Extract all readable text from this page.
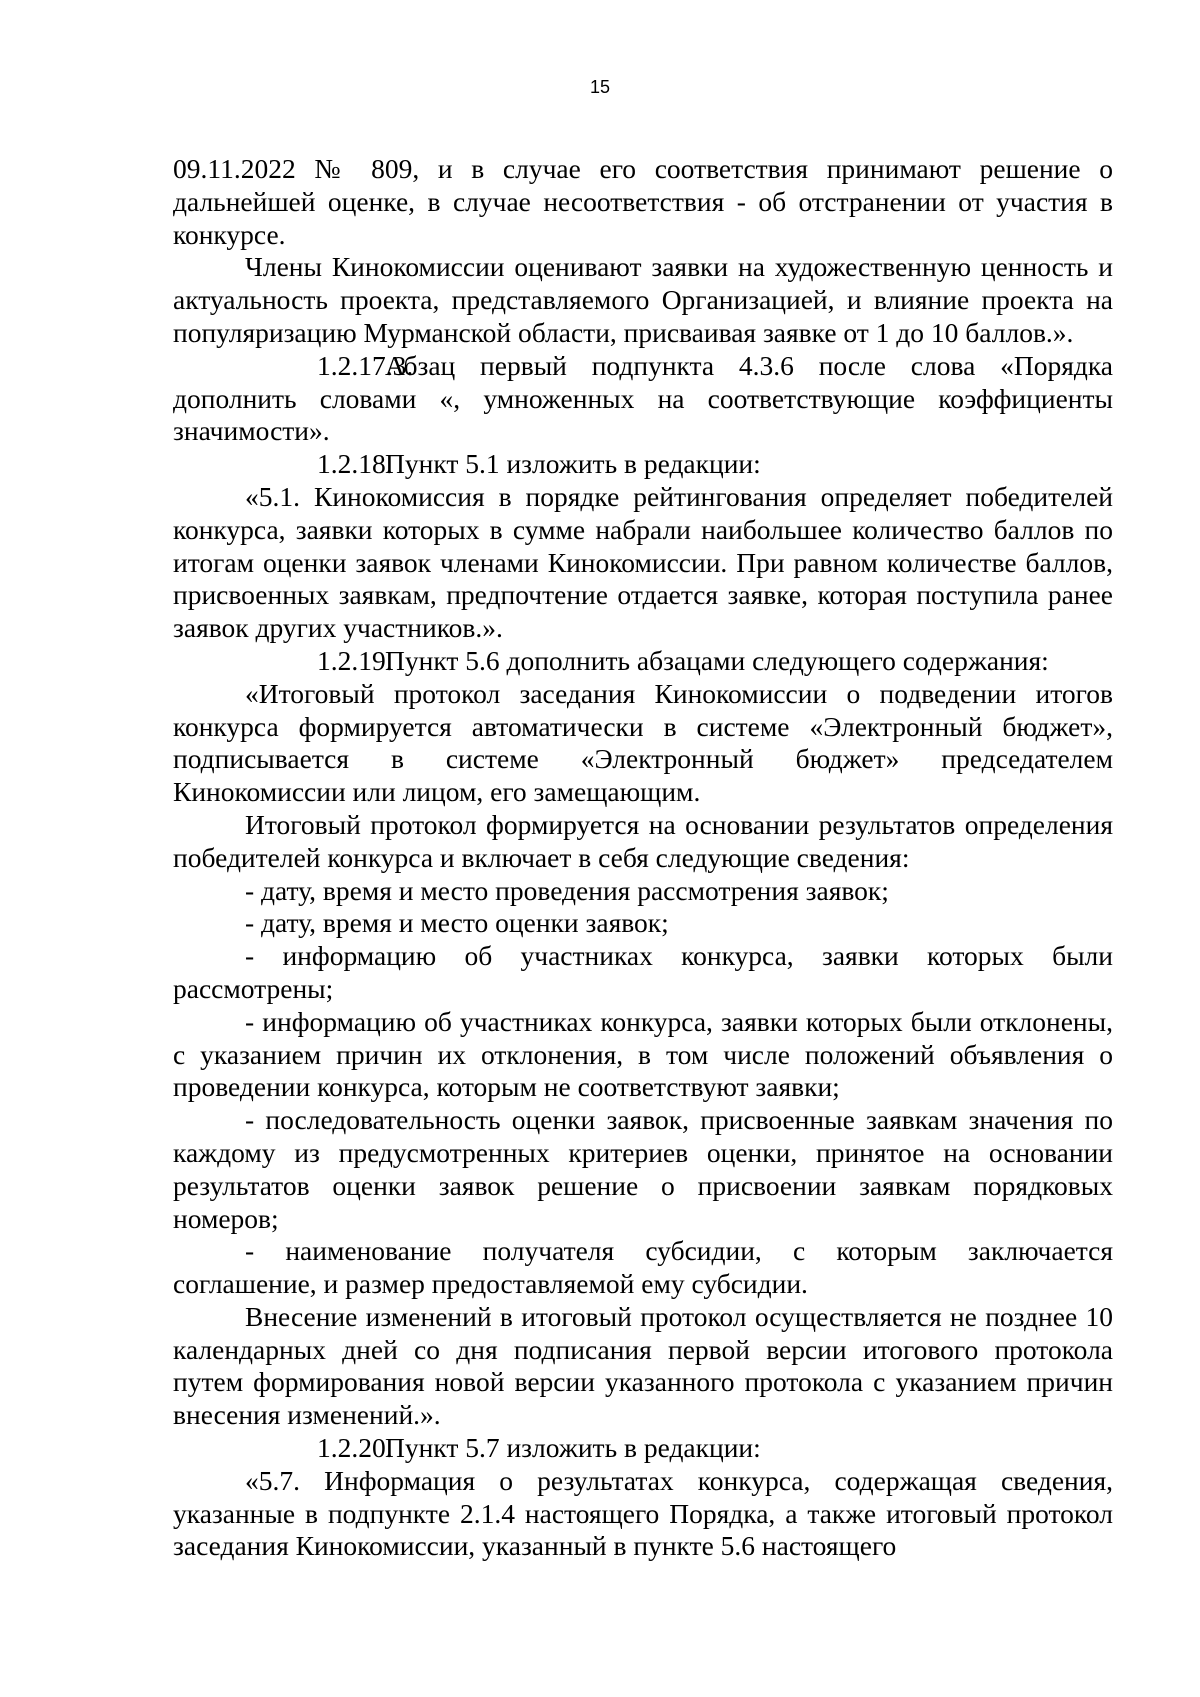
15

09.11.2022 № 809, и в случае его соответствия принимают решение о дальнейшей оценке, в случае несоответствия - об отстранении от участия в конкурсе.

Члены Кинокомиссии оценивают заявки на художественную ценность и актуальность проекта, представляемого Организацией, и влияние проекта на популяризацию Мурманской области, присваивая заявке от 1 до 10 баллов.».

1.2.17.3.Абзац первый подпункта 4.3.6 после слова «Порядка дополнить словами «, умноженных на соответствующие коэффициенты значимости».

1.2.18.Пункт 5.1 изложить в редакции:

«5.1. Кинокомиссия в порядке рейтингования определяет победителей конкурса, заявки которых в сумме набрали наибольшее количество баллов по итогам оценки заявок членами Кинокомиссии. При равном количестве баллов, присвоенных заявкам, предпочтение отдается заявке, которая поступила ранее заявок других участников.».

1.2.19.Пункт 5.6 дополнить абзацами следующего содержания:

«Итоговый протокол заседания Кинокомиссии о подведении итогов конкурса формируется автоматически в системе «Электронный бюджет», подписывается в системе «Электронный бюджет» председателем Кинокомиссии или лицом, его замещающим.

Итоговый протокол формируется на основании результатов определения победителей конкурса и включает в себя следующие сведения:

- дату, время и место проведения рассмотрения заявок;

- дату, время и место оценки заявок;

- информацию об участниках конкурса, заявки которых были рассмотрены;

- информацию об участниках конкурса, заявки которых были отклонены, с указанием причин их отклонения, в том числе положений объявления о проведении конкурса, которым не соответствуют заявки;

- последовательность оценки заявок, присвоенные заявкам значения по каждому из предусмотренных критериев оценки, принятое на основании результатов оценки заявок решение о присвоении заявкам порядковых номеров;

- наименование получателя субсидии, с которым заключается соглашение, и размер предоставляемой ему субсидии.

Внесение изменений в итоговый протокол осуществляется не позднее 10 календарных дней со дня подписания первой версии итогового протокола путем формирования новой версии указанного протокола с указанием причин внесения изменений.».

1.2.20.Пункт 5.7 изложить в редакции:

«5.7. Информация о результатах конкурса, содержащая сведения, указанные в подпункте 2.1.4 настоящего Порядка, а также итоговый протокол заседания Кинокомиссии, указанный в пункте 5.6 настоящего
